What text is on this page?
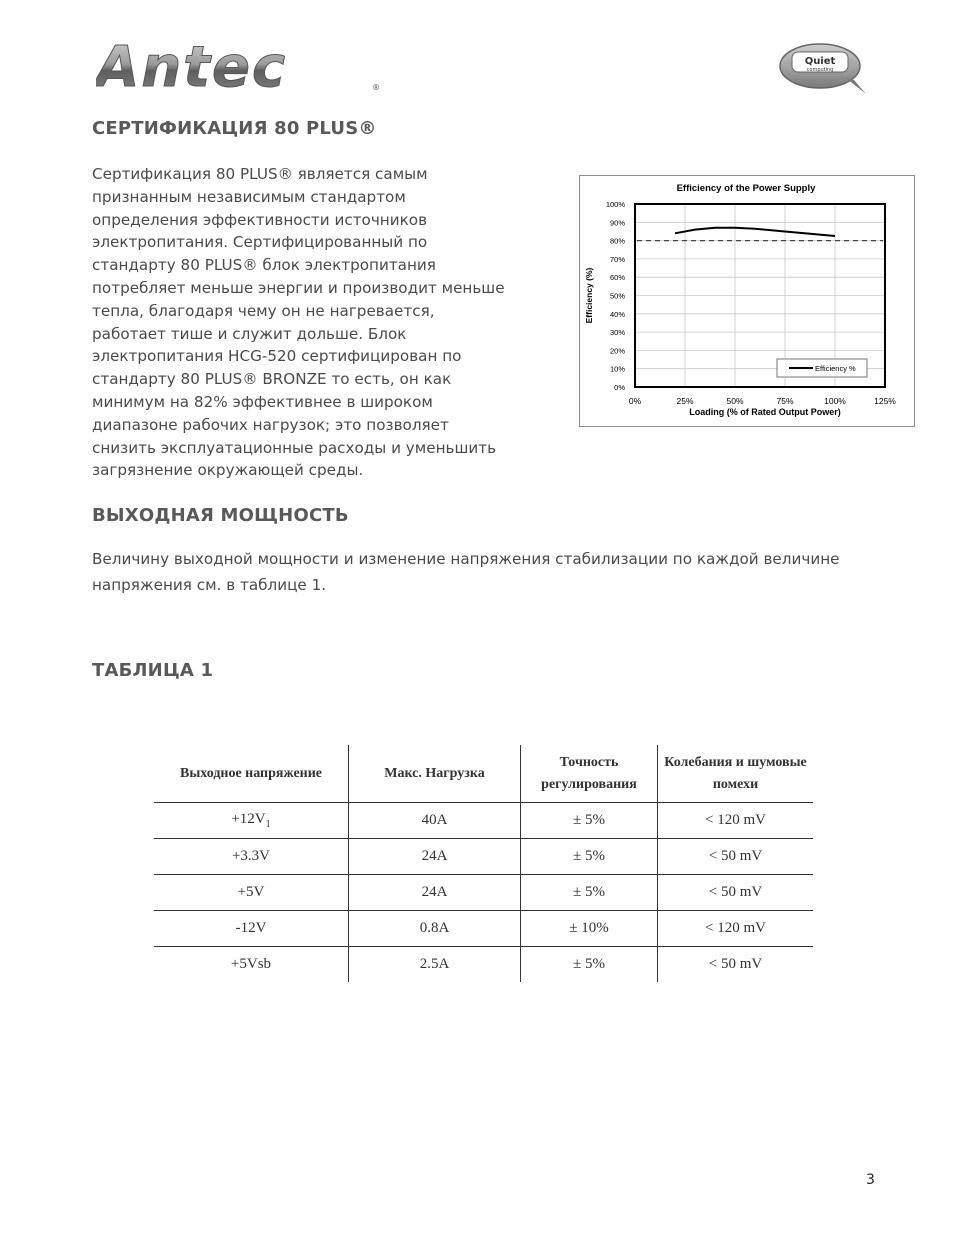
Antec	®
Quiet
computing
СЕРТИФИКАЦИЯ 80 PLUS®

Сертификация 80 PLUS® является самым признанным независимым стандартом определения эффективности источников электропитания. Сертифицированный по стандарту 80 PLUS® блок электропитания потребляет меньше энергии и производит меньше тепла, благодаря чему он не нагревается, работает тише и служит дольше. Блок электропитания HCG-520 сертифицирован по стандарту 80 PLUS® BRONZE то есть, он как минимум на 82% эффективнее в широком диапазоне рабочих нагрузок; это позволяет снизить эксплуатационные расходы и уменьшить загрязнение окружающей среды.

Efficiency of the Power Supply
0%
10%
20%
30%
40%
50%
60%
70%
80%
90%
100%
0%	25%	50%	75%	100%	125%
Efficiency (%)
Loading (% of Rated Output Power)
Efficiency %
ВЫХОДНАЯ МОЩНОСТЬ

Величину выходной мощности и изменение напряжения стабилизации по каждой величине напряжения см. в таблице 1.

ТАБЛИЦА 1
Выходное напряжение	Макс. Нагрузка	Точность регулирования	Колебания и шумовые помехи
$+12V_1$	40A	± 5%	< 120 mV
+3.3V	24A	± 5%	< 50 mV
+5V	24A	± 5%	< 50 mV
-12V	0.8A	± 10%	< 120 mV
+5Vsb	2.5A	± 5%	< 50 mV
3
